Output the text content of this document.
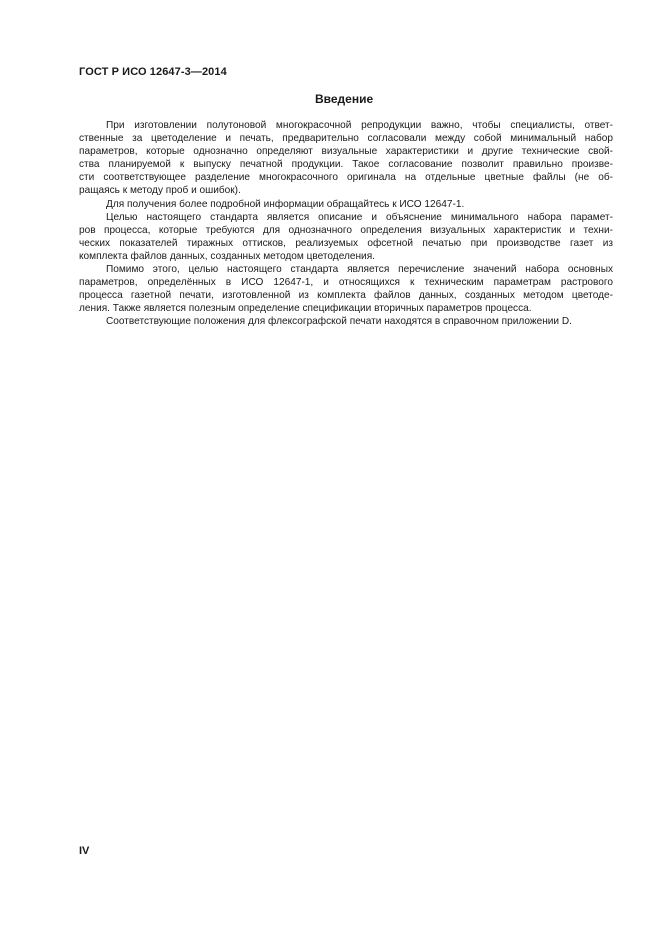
ГОСТ Р ИСО 12647-3—2014
Введение
При изготовлении полутоновой многокрасочной репродукции важно, чтобы специалисты, ответ-
ственные за цветоделение и печать, предварительно согласовали между собой минимальный набор
параметров, которые однозначно определяют визуальные характеристики и другие технические свой-
ства планируемой к выпуску печатной продукции. Такое согласование позволит правильно произве-
сти соответствующее разделение многокрасочного оригинала на отдельные цветные файлы (не об-
ращаясь к методу проб и ошибок).
Для получения более подробной информации обращайтесь к ИСО 12647-1.
Целью настоящего стандарта является описание и объяснение минимального набора парамет-
ров процесса, которые требуются для однозначного определения визуальных характеристик и техни-
ческих показателей тиражных оттисков, реализуемых офсетной печатью при производстве газет из
комплекта файлов данных, созданных методом цветоделения.
Помимо этого, целью настоящего стандарта является перечисление значений набора основных
параметров, определённых в ИСО 12647-1, и относящихся к техническим параметрам растрового
процесса газетной печати, изготовленной из комплекта файлов данных, созданных методом цветоде-
ления. Также является полезным определение спецификации вторичных параметров процесса.
Соответствующие положения для флексографской печати находятся в справочном приложении D.
IV
